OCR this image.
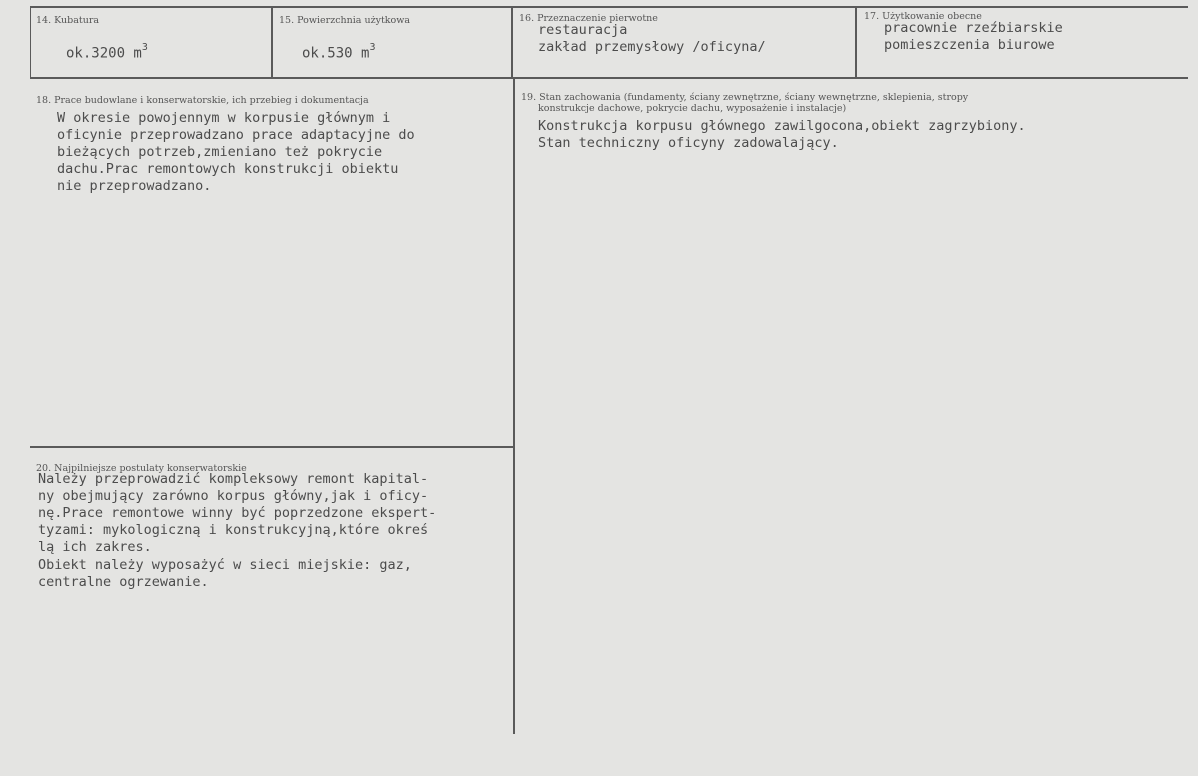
14. Kubatura
ok.3200 $m^3$
15. Powierzchnia użytkowa
ok.530 $m^3$
16. Przeznaczenie pierwotne
restauracja
zakład przemysłowy /oficyna/
17. Użytkowanie obecne
pracownie rzeźbiarskie
pomieszczenia biurowe
18. Prace budowlane i konserwatorskie, ich przebieg i dokumentacja
W okresie powojennym w korpusie głównym i
oficynie przeprowadzano prace adaptacyjne do
bieżących potrzeb,zmieniano też pokrycie
dachu.Prac remontowych konstrukcji obiektu
nie przeprowadzano.
19. Stan zachowania (fundamenty, ściany zewnętrzne, ściany wewnętrzne, sklepienia, stropy
konstrukcje dachowe, pokrycie dachu, wyposażenie i instalacje)
Konstrukcja korpusu głównego zawilgocona,obiekt zagrzybiony.
Stan techniczny oficyny zadowalający.
20. Najpilniejsze postulaty konserwatorskie
Należy przeprowadzić kompleksowy remont kapital-
ny obejmujący zarówno korpus główny,jak i oficy-
nę.Prace remontowe winny być poprzedzone ekspert-
tyzami: mykologiczną i konstrukcyjną,które okreś
lą ich zakres.
Obiekt należy wyposażyć w sieci miejskie: gaz,
centralne ogrzewanie.
